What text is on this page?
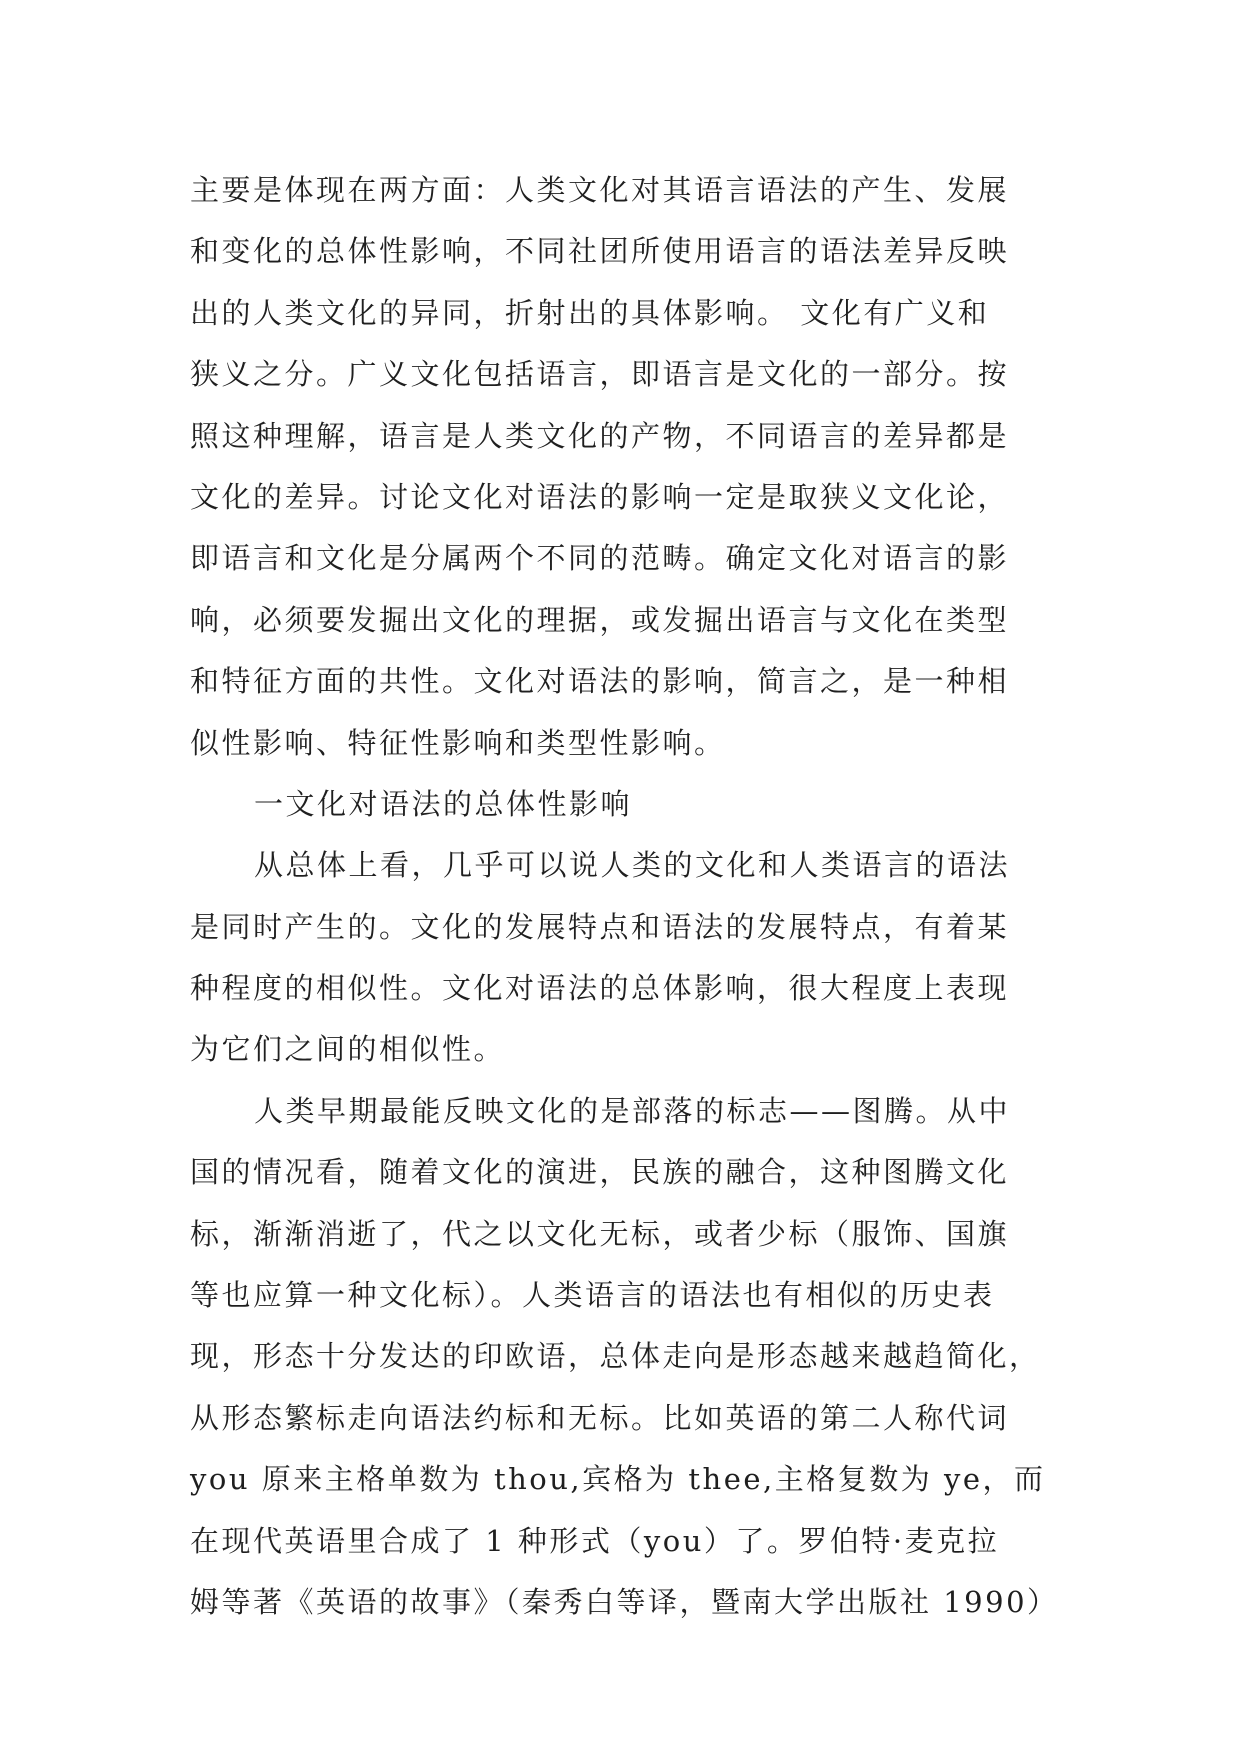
主要是体现在两方面：人类文化对其语言语法的产生、发展
和变化的总体性影响，不同社团所使用语言的语法差异反映
出的人类文化的异同，折射出的具体影响。 文化有广义和
狭义之分。广义文化包括语言，即语言是文化的一部分。按
照这种理解，语言是人类文化的产物，不同语言的差异都是
文化的差异。讨论文化对语法的影响一定是取狭义文化论，
即语言和文化是分属两个不同的范畴。确定文化对语言的影
响，必须要发掘出文化的理据，或发掘出语言与文化在类型
和特征方面的共性。文化对语法的影响，简言之，是一种相
似性影响、特征性影响和类型性影响。
一文化对语法的总体性影响
从总体上看，几乎可以说人类的文化和人类语言的语法
是同时产生的。文化的发展特点和语法的发展特点，有着某
种程度的相似性。文化对语法的总体影响，很大程度上表现
为它们之间的相似性。
人类早期最能反映文化的是部落的标志——图腾。从中
国的情况看，随着文化的演进，民族的融合，这种图腾文化
标，渐渐消逝了，代之以文化无标，或者少标（服饰、国旗
等也应算一种文化标）。人类语言的语法也有相似的历史表
现，形态十分发达的印欧语，总体走向是形态越来越趋简化，
从形态繁标走向语法约标和无标。比如英语的第二人称代词
you 原来主格单数为 thou,宾格为 thee,主格复数为 ye，而
在现代英语里合成了 1 种形式（you）了。罗伯特·麦克拉
姆等著《英语的故事》（秦秀白等译，暨南大学出版社 1990）
